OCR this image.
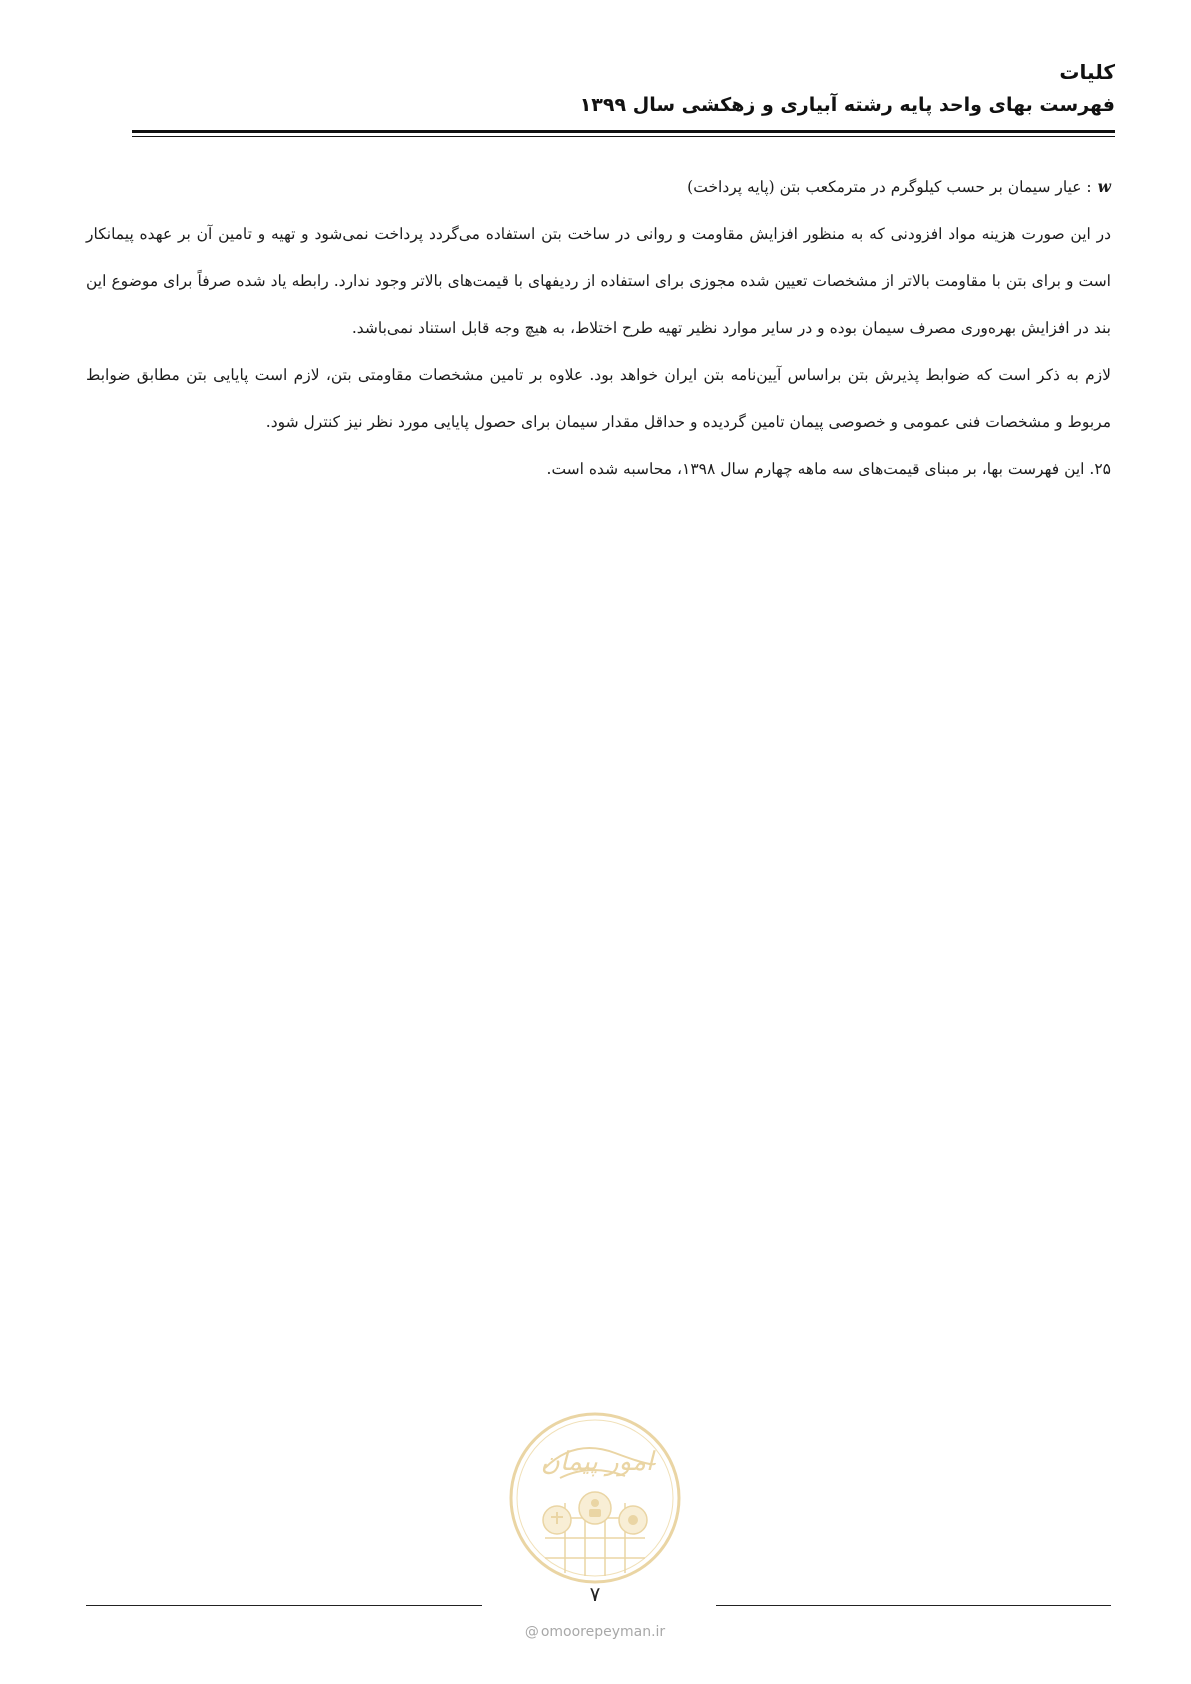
کلیات
فهرست بهای واحد پایه رشته آبیاری و زهکشی سال ۱۳۹۹

w: عیار سیمان بر حسب کیلوگرم در مترمکعب بتن (پایه پرداخت)

در این صورت هزینه مواد افزودنی که به منظور افزایش مقاومت و روانی در ساخت بتن استفاده می‌گردد پرداخت نمی‌شود و تهیه و تامین آن بر عهده پیمانکار است و برای بتن با مقاومت بالاتر از مشخصات تعیین شده مجوزی برای استفاده از ردیفهای با قیمت‌های بالاتر وجود ندارد. رابطه یاد شده صرفاً برای موضوع این بند در افزایش بهره‌وری مصرف سیمان بوده و در سایر موارد نظیر تهیه طرح اختلاط، به هیچ وجه قابل استناد نمی‌باشد.

لازم به ذکر است که ضوابط پذیرش بتن براساس آیین‌نامه بتن ایران خواهد بود. علاوه بر تامین مشخصات مقاومتی بتن، لازم است پایایی بتن مطابق ضوابط مربوط و مشخصات فنی عمومی و خصوصی پیمان تامین گردیده و حداقل مقدار سیمان برای حصول پایایی مورد نظر نیز کنترل شود.

۲۵. این فهرست بها، بر مبنای قیمت‌های سه ماهه چهارم سال ۱۳۹۸، محاسبه شده است.

امور پیمان
۷
@ omoorepeyman.ir
